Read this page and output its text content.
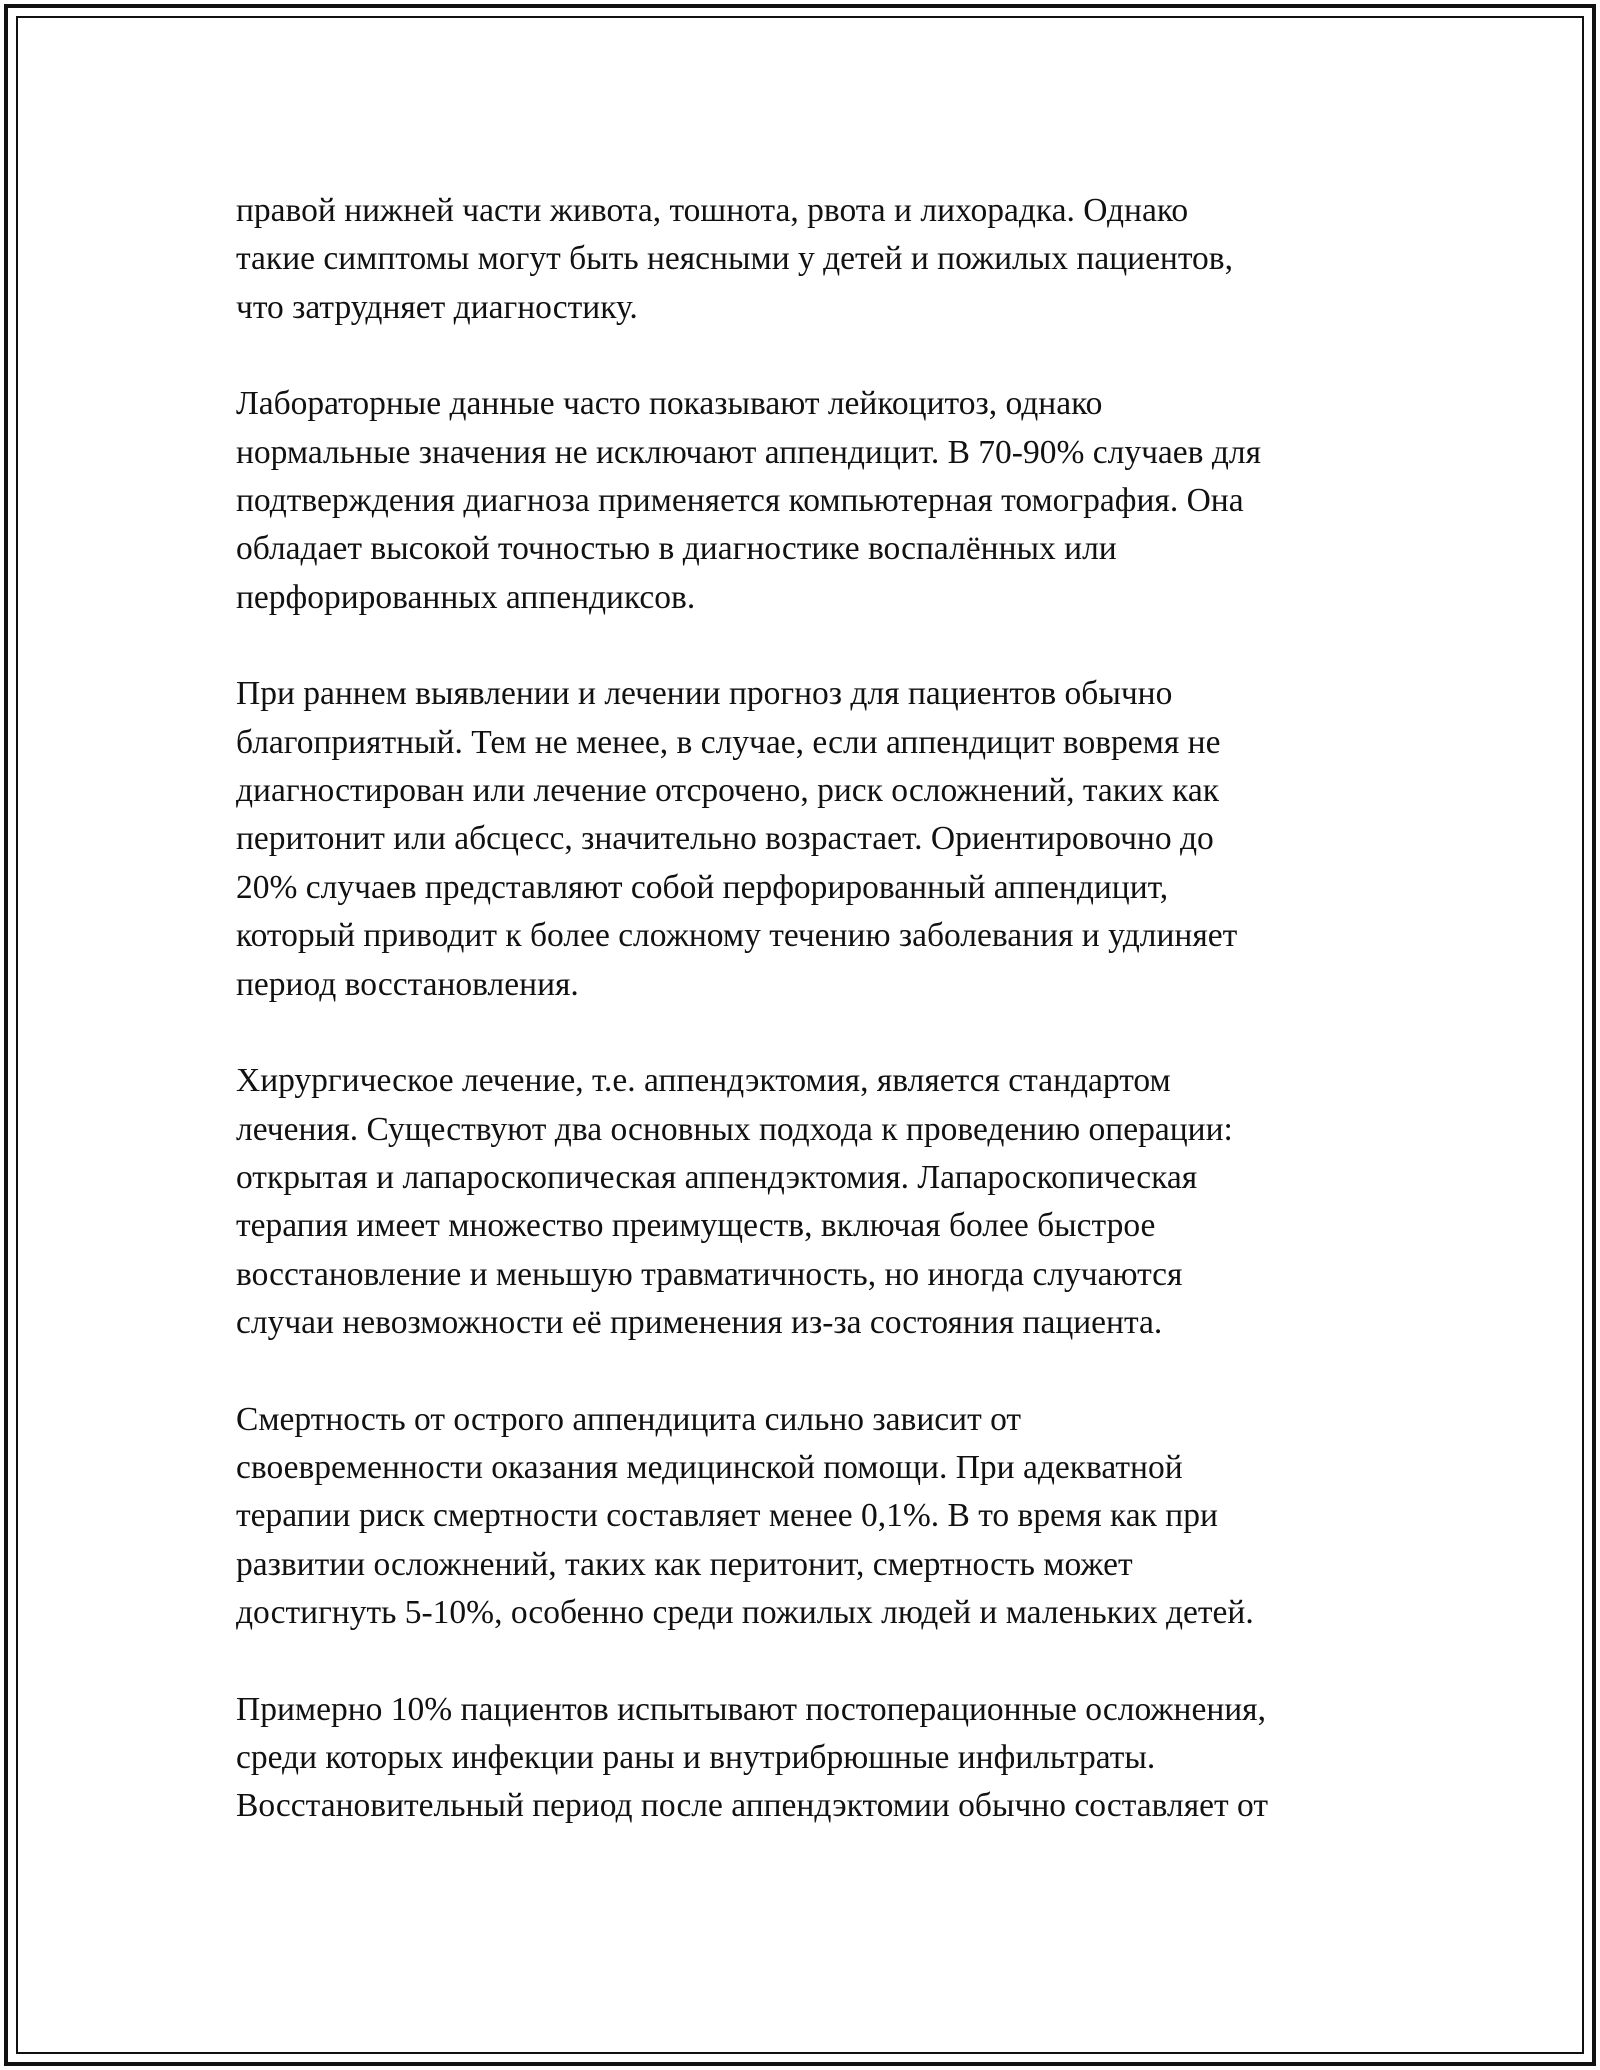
правой нижней части живота, тошнота, рвота и лихорадка. Однако
такие симптомы могут быть неясными у детей и пожилых пациентов,
что затрудняет диагностику.

Лабораторные данные часто показывают лейкоцитоз, однако
нормальные значения не исключают аппендицит. В 70-90% случаев для
подтверждения диагноза применяется компьютерная томография. Она
обладает высокой точностью в диагностике воспалённых или
перфорированных аппендиксов.

При раннем выявлении и лечении прогноз для пациентов обычно
благоприятный. Тем не менее, в случае, если аппендицит вовремя не
диагностирован или лечение отсрочено, риск осложнений, таких как
перитонит или абсцесс, значительно возрастает. Ориентировочно до
20% случаев представляют собой перфорированный аппендицит,
который приводит к более сложному течению заболевания и удлиняет
период восстановления.

Хирургическое лечение, т.е. аппендэктомия, является стандартом
лечения. Существуют два основных подхода к проведению операции:
открытая и лапароскопическая аппендэктомия. Лапароскопическая
терапия имеет множество преимуществ, включая более быстрое
восстановление и меньшую травматичность, но иногда случаются
случаи невозможности её применения из-за состояния пациента.

Смертность от острого аппендицита сильно зависит от
своевременности оказания медицинской помощи. При адекватной
терапии риск смертности составляет менее 0,1%. В то время как при
развитии осложнений, таких как перитонит, смертность может
достигнуть 5-10%, особенно среди пожилых людей и маленьких детей.

Примерно 10% пациентов испытывают постоперационные осложнения,
среди которых инфекции раны и внутрибрюшные инфильтраты.
Восстановительный период после аппендэктомии обычно составляет от
